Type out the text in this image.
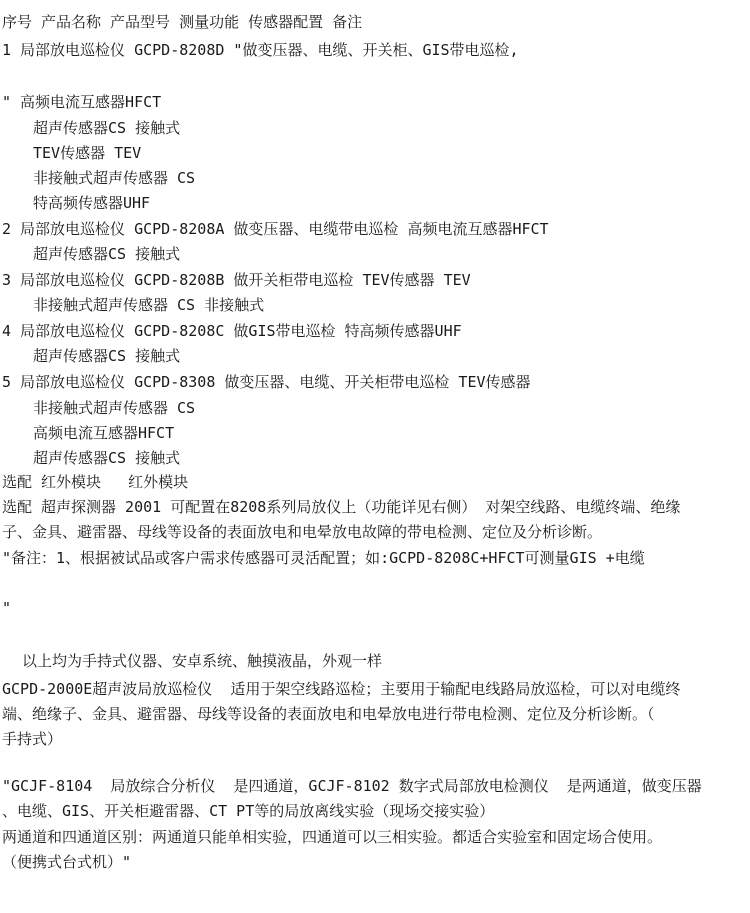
序号 产品名称 产品型号 测量功能 传感器配置 备注
1 局部放电巡检仪 GCPD-8208D "做变压器、电缆、开关柜、GIS带电巡检,
" 高频电流互感器HFCT
超声传感器CS 接触式
TEV传感器 TEV
非接触式超声传感器 CS
特高频传感器UHF
2 局部放电巡检仪 GCPD-8208A 做变压器、电缆带电巡检 高频电流互感器HFCT
超声传感器CS 接触式
3 局部放电巡检仪 GCPD-8208B 做开关柜带电巡检 TEV传感器 TEV
非接触式超声传感器 CS 非接触式
4 局部放电巡检仪 GCPD-8208C 做GIS带电巡检 特高频传感器UHF
超声传感器CS 接触式
5 局部放电巡检仪 GCPD-8308 做变压器、电缆、开关柜带电巡检 TEV传感器
非接触式超声传感器 CS
高频电流互感器HFCT
超声传感器CS 接触式
选配 红外模块   红外模块
选配 超声探测器 2001 可配置在8208系列局放仪上（功能详见右侧） 对架空线路、电缆终端、绝缘
子、金具、避雷器、母线等设备的表面放电和电晕放电故障的带电检测、定位及分析诊断。
"备注：1、根据被试品或客户需求传感器可灵活配置；如:GCPD-8208C+HFCT可测量GIS +电缆
"
以上均为手持式仪器、安卓系统、触摸液晶，外观一样
GCPD-2000E超声波局放巡检仪  适用于架空线路巡检；主要用于输配电线路局放巡检，可以对电缆终
端、绝缘子、金具、避雷器、母线等设备的表面放电和电晕放电进行带电检测、定位及分析诊断。（
手持式）
"GCJF-8104  局放综合分析仪  是四通道，GCJF-8102 数字式局部放电检测仪  是两通道，做变压器
、电缆、GIS、开关柜避雷器、CT PT等的局放离线实验（现场交接实验）
两通道和四通道区别：两通道只能单相实验，四通道可以三相实验。都适合实验室和固定场合使用。
（便携式台式机）"
